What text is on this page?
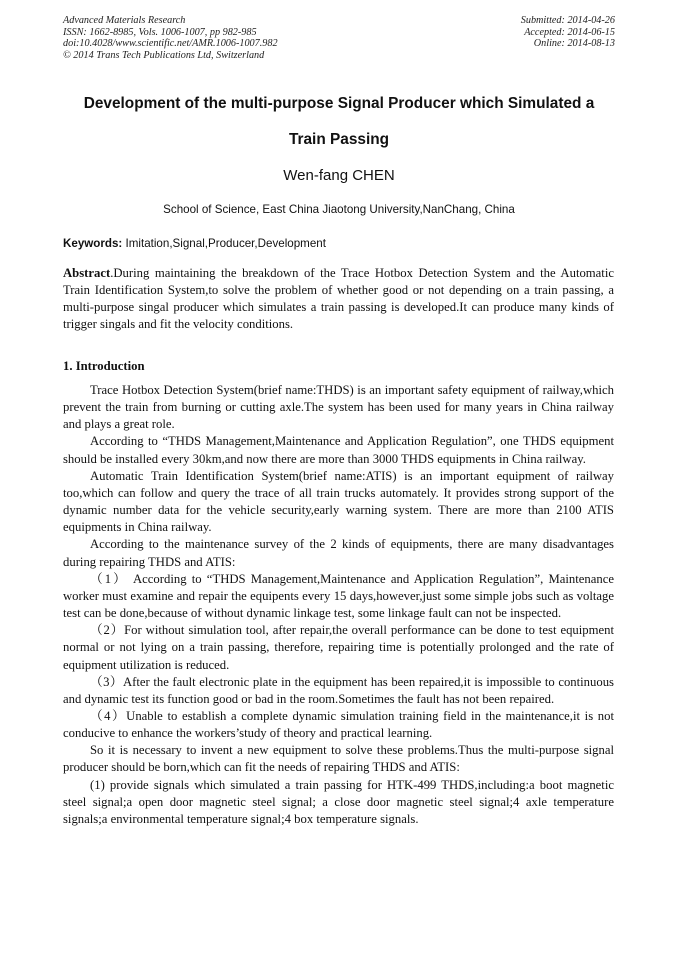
Advanced Materials Research
ISSN: 1662-8985, Vols. 1006-1007, pp 982-985
doi:10.4028/www.scientific.net/AMR.1006-1007.982
© 2014 Trans Tech Publications Ltd, Switzerland
Submitted: 2014-04-26
Accepted: 2014-06-15
Online: 2014-08-13
Development of the multi-purpose Signal Producer which Simulated a
Train Passing
Wen-fang CHEN
School of Science, East China Jiaotong University,NanChang, China
Keywords: Imitation,Signal,Producer,Development

Abstract.During maintaining the breakdown of the Trace Hotbox Detection System and the Automatic Train Identification System,to solve the problem of whether good or not depending on a train passing, a multi-purpose singal producer which simulates a train passing is developed.It can produce many kinds of trigger singals and fit the velocity conditions.

1. Introduction

Trace Hotbox Detection System(brief name:THDS) is an important safety equipment of railway,which prevent the train from burning or cutting axle.The system has been used for many years in China railway and plays a great role.

According to “THDS Management,Maintenance and Application Regulation”, one THDS equipment should be installed every 30km,and now there are more than 3000 THDS equipments in China railway.

Automatic Train Identification System(brief name:ATIS) is an important equipment of railway too,which can follow and query the trace of all train trucks automately. It provides strong support of the dynamic number data for the vehicle security,early warning system. There are more than 2100 ATIS equipments in China railway.

According to the maintenance survey of the 2 kinds of equipments, there are many disadvantages during repairing THDS and ATIS:

（1） According to “THDS Management,Maintenance and Application Regulation”, Maintenance worker must examine and repair the equipents every 15 days,however,just some simple jobs such as voltage test can be done,because of without dynamic linkage test, some linkage fault can not be inspected.

（2）For without simulation tool, after repair,the overall performance can be done to test equipment normal or not lying on a train passing, therefore, repairing time is potentially prolonged and the rate of equipment utilization is reduced.

（3）After the fault electronic plate in the equipment has been repaired,it is impossible to continuous and dynamic test its function good or bad in the room.Sometimes the fault has not been repaired.

（4）Unable to establish a complete dynamic simulation training field in the maintenance,it is not conducive to enhance the workers’study of theory and practical learning.

So it is necessary to invent a new equipment to solve these problems.Thus the multi-purpose signal producer should be born,which can fit the needs of repairing THDS and ATIS:

(1) provide signals which simulated a train passing for HTK-499 THDS,including:a boot magnetic steel signal;a open door magnetic steel signal; a close door magnetic steel signal;4 axle temperature signals;a environmental temperature signal;4 box temperature signals.
